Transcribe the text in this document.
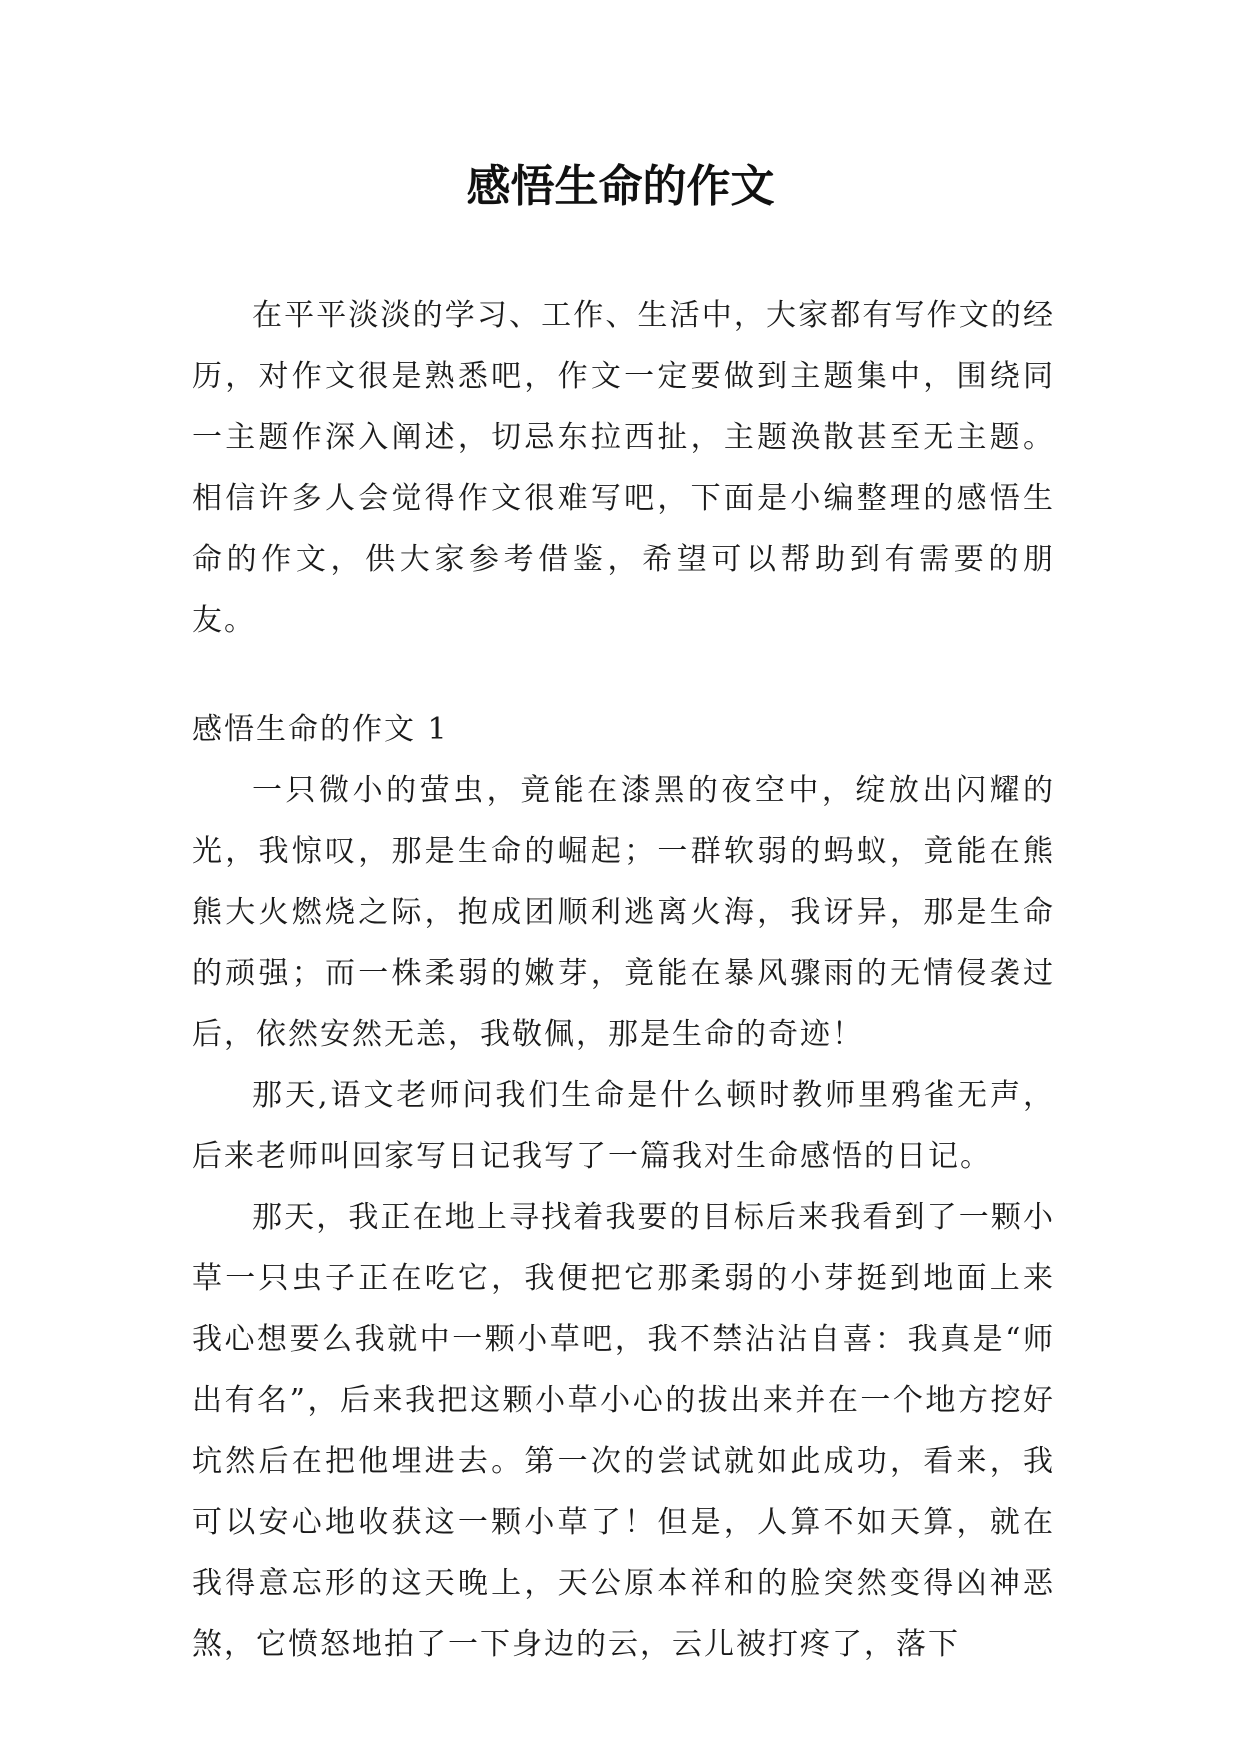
感悟生命的作文

在平平淡淡的学习、工作、生活中，大家都有写作文的经历，对作文很是熟悉吧，作文一定要做到主题集中，围绕同一主题作深入阐述，切忌东拉西扯，主题涣散甚至无主题。相信许多人会觉得作文很难写吧，下面是小编整理的感悟生命的作文，供大家参考借鉴，希望可以帮助到有需要的朋友。

感悟生命的作文 1

一只微小的萤虫，竟能在漆黑的夜空中，绽放出闪耀的光，我惊叹，那是生命的崛起；一群软弱的蚂蚁，竟能在熊熊大火燃烧之际，抱成团顺利逃离火海，我讶异，那是生命的顽强；而一株柔弱的嫩芽，竟能在暴风骤雨的无情侵袭过后，依然安然无恙，我敬佩，那是生命的奇迹！

那天,语文老师问我们生命是什么顿时教师里鸦雀无声，后来老师叫回家写日记我写了一篇我对生命感悟的日记。

那天，我正在地上寻找着我要的目标后来我看到了一颗小草一只虫子正在吃它，我便把它那柔弱的小芽挺到地面上来我心想要么我就中一颗小草吧，我不禁沾沾自喜：我真是“师出有名”，后来我把这颗小草小心的拔出来并在一个地方挖好坑然后在把他埋进去。第一次的尝试就如此成功，看来，我可以安心地收获这一颗小草了！但是，人算不如天算，就在我得意忘形的这天晚上，天公原本祥和的脸突然变得凶神恶煞，它愤怒地拍了一下身边的云，云儿被打疼了，落下
